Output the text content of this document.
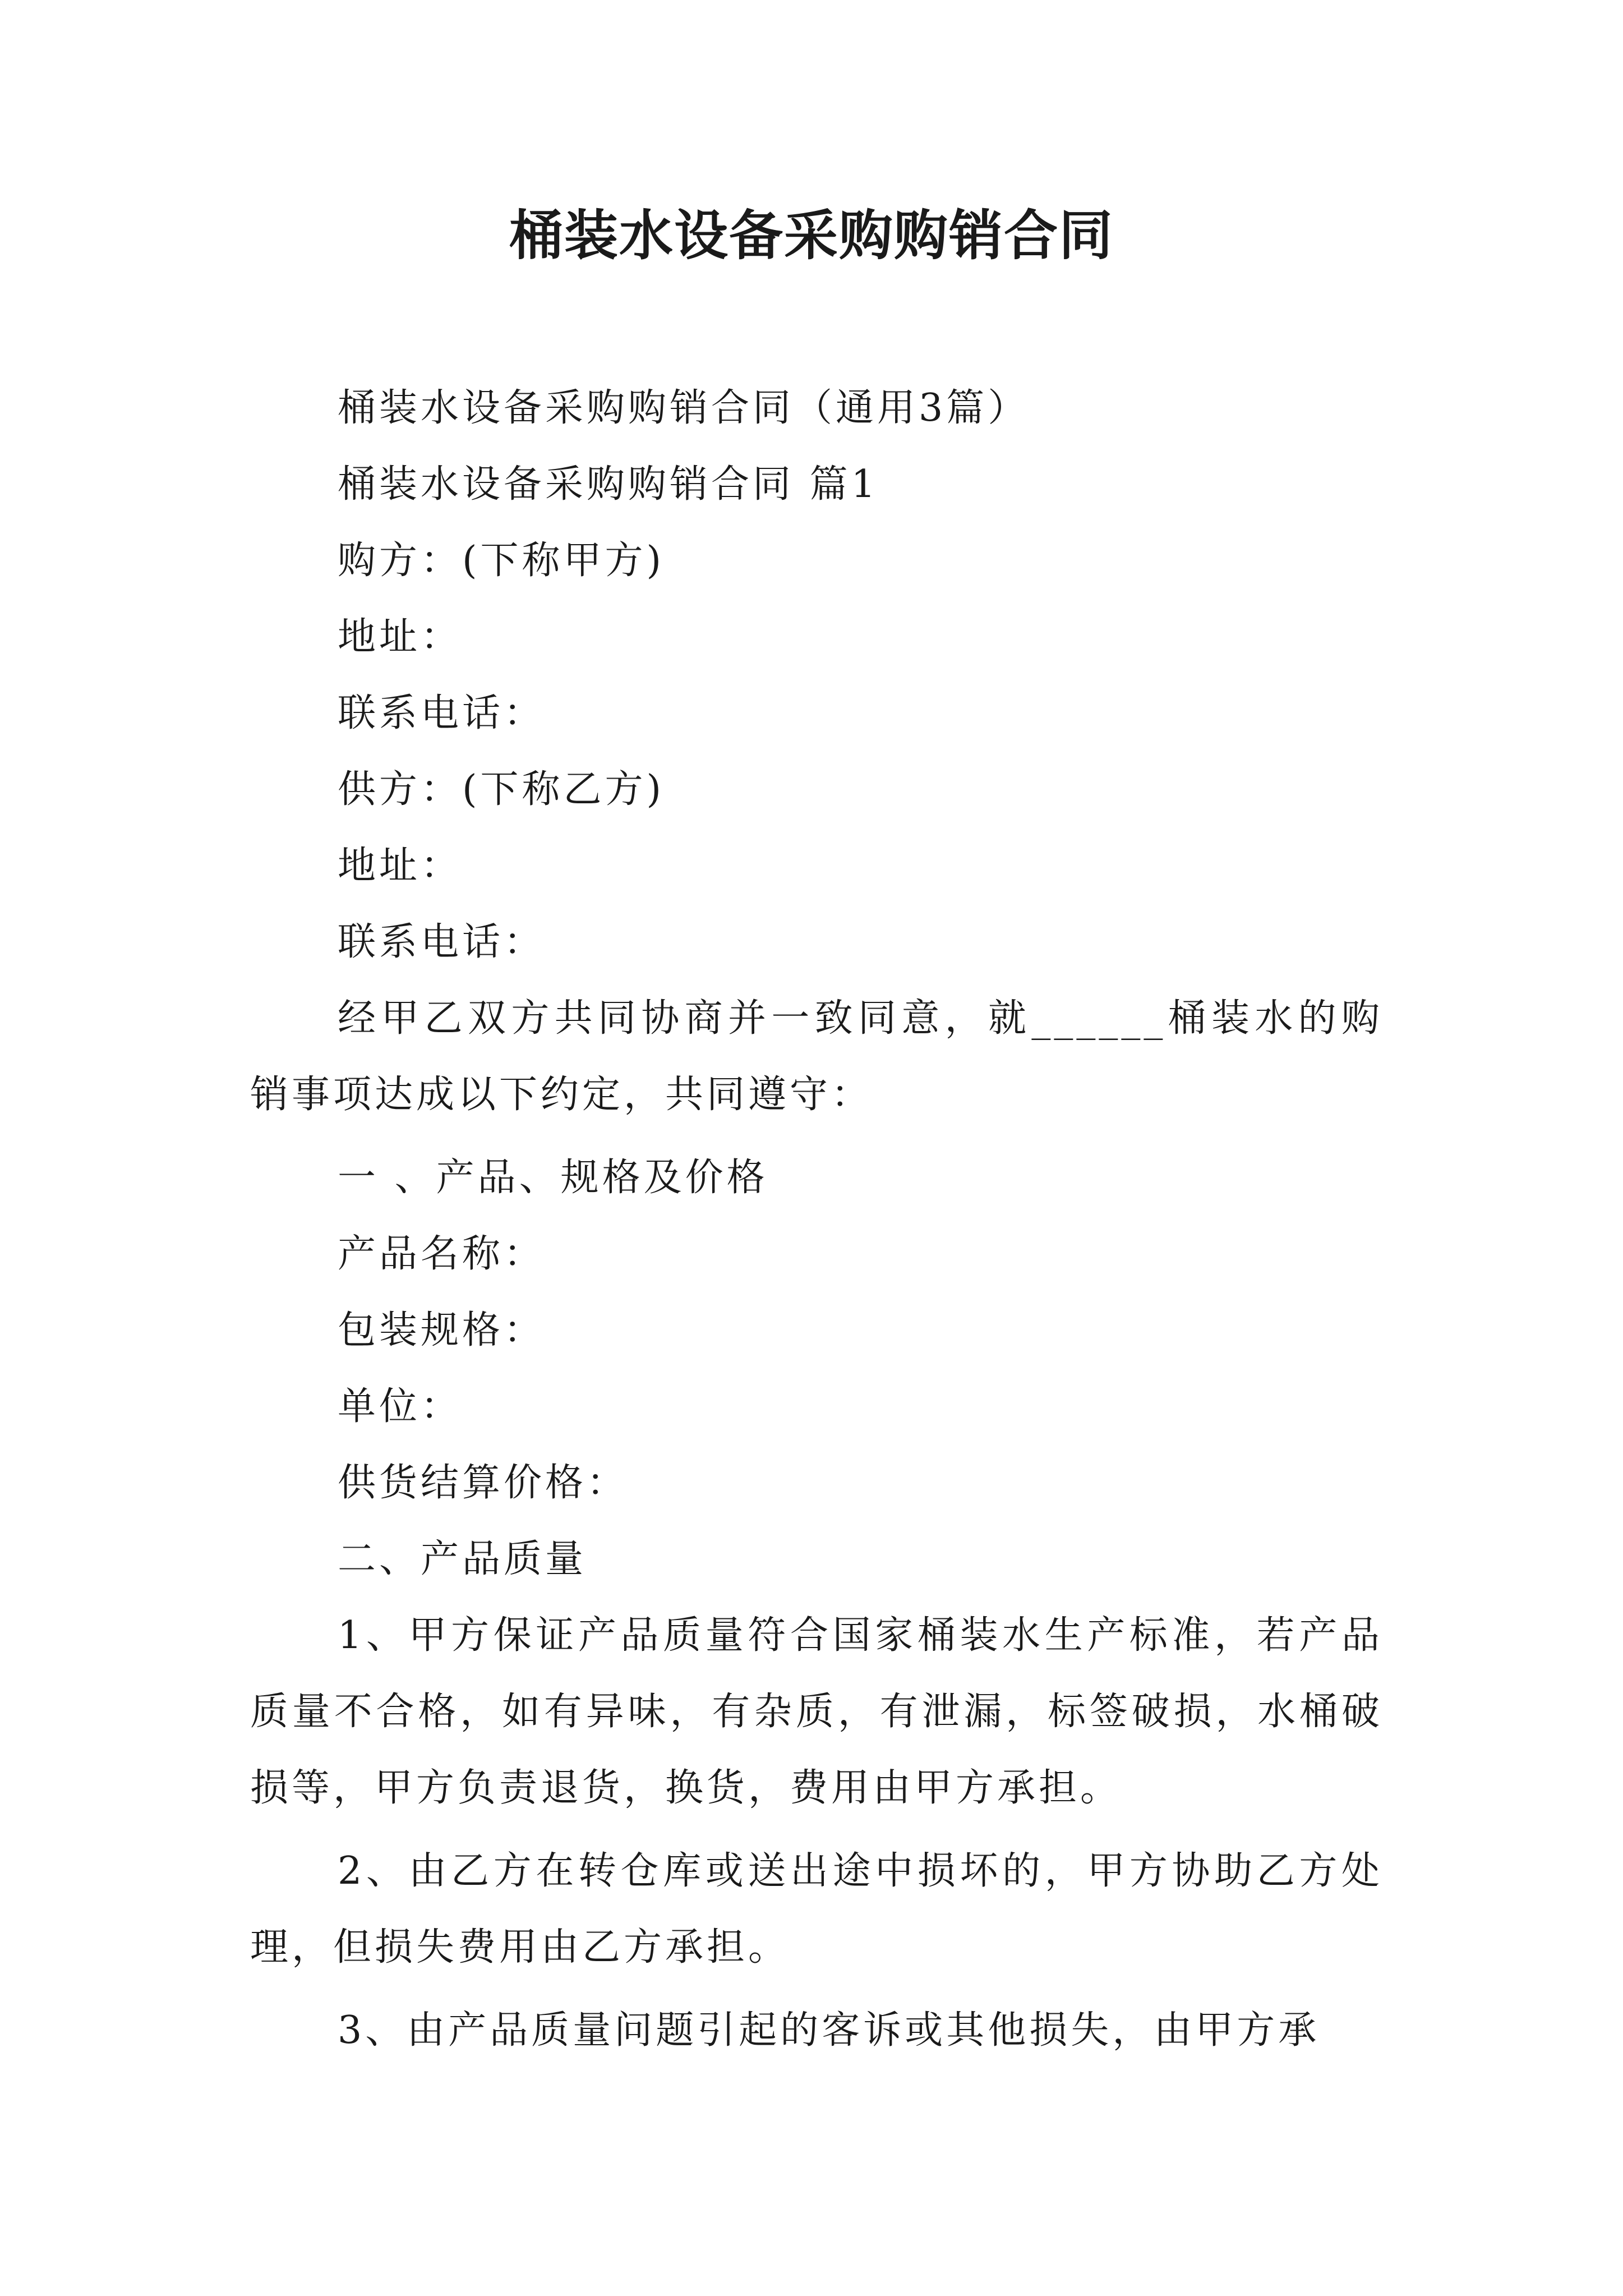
桶装水设备采购购销合同

桶装水设备采购购销合同（通用3篇）

桶装水设备采购购销合同 篇1

购方：(下称甲方)

地址：

联系电话：

供方：(下称乙方)

地址：

联系电话：

经甲乙双方共同协商并一致同意，就______桶装水的购销事项达成以下约定，共同遵守：

一 、产品、规格及价格

产品名称：

包装规格：

单位：

供货结算价格：

二、产品质量

1、甲方保证产品质量符合国家桶装水生产标准，若产品质量不合格，如有异味，有杂质，有泄漏，标签破损，水桶破损等，甲方负责退货，换货，费用由甲方承担。

2、由乙方在转仓库或送出途中损坏的，甲方协助乙方处理，但损失费用由乙方承担。

3、由产品质量问题引起的客诉或其他损失，由甲方承
